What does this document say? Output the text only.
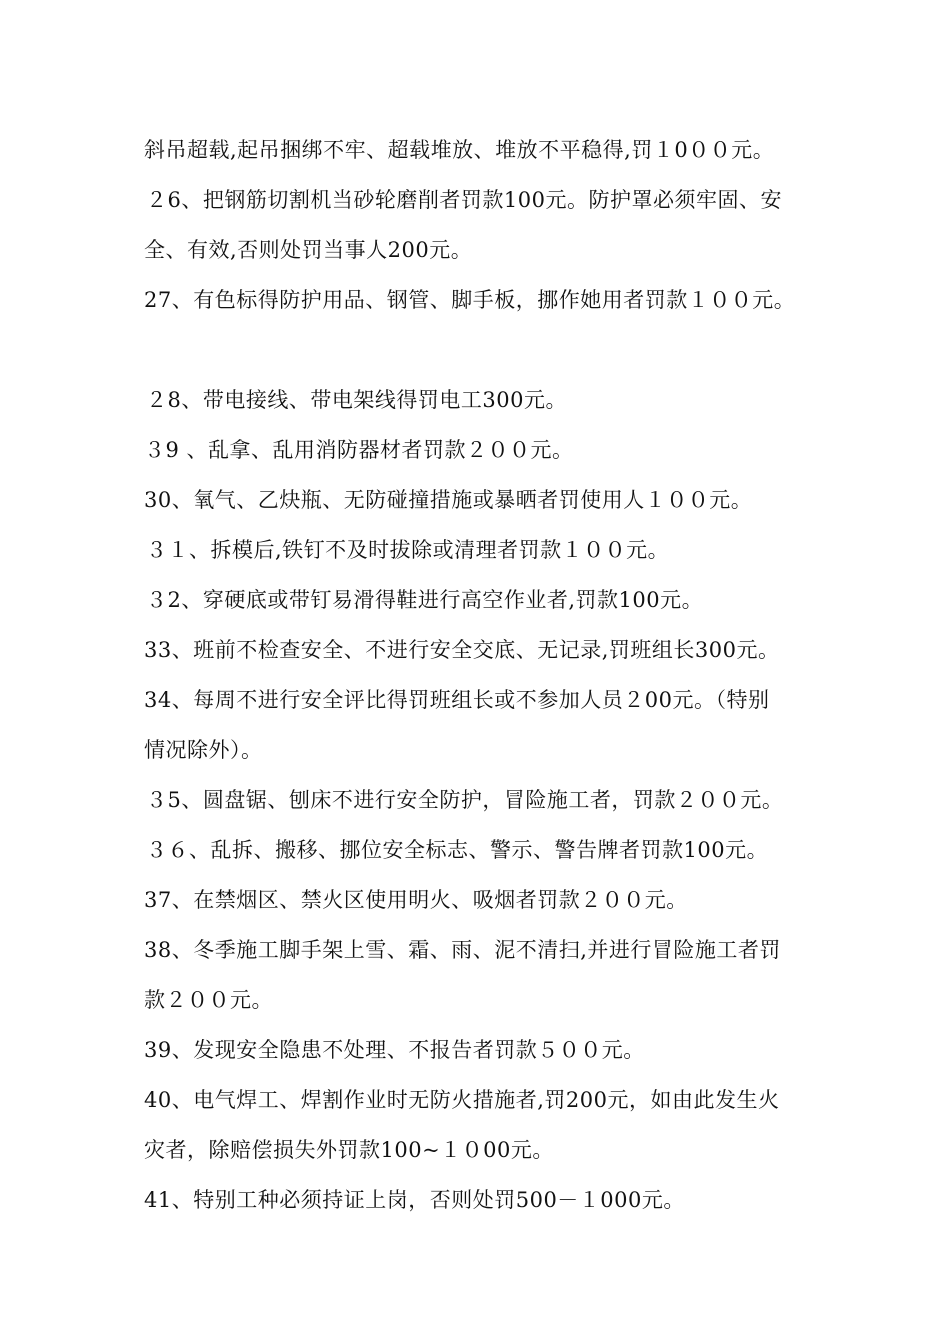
斜吊超载,起吊捆绑不牢、超载堆放、堆放不平稳得,罚１0００元。
２6、把钢筋切割机当砂轮磨削者罚款100元。防护罩必须牢固、安
全、有效,否则处罚当事人200元。
27、有色标得防护用品、钢管、脚手板，挪作她用者罚款１００元。
２8、带电接线、带电架线得罚电工300元。
３9 、乱拿、乱用消防器材者罚款２００元。
30、氧气、乙炔瓶、无防碰撞措施或暴晒者罚使用人１００元。
３１、拆模后,铁钉不及时拔除或清理者罚款１００元。
３2、穿硬底或带钉易滑得鞋进行高空作业者,罚款100元。
33、班前不检查安全、不进行安全交底、无记录,罚班组长300元。
34、每周不进行安全评比得罚班组长或不参加人员２00元。（特别
情况除外）。
３5、圆盘锯、刨床不进行安全防护，冒险施工者，罚款２００元。
３６、乱拆、搬移、挪位安全标志、警示、警告牌者罚款100元。
37、在禁烟区、禁火区使用明火、吸烟者罚款２００元。
38、冬季施工脚手架上雪、霜、雨、泥不清扫,并进行冒险施工者罚
款２００元。
39、发现安全隐患不处理、不报告者罚款５００元。
40、电气焊工、焊割作业时无防火措施者,罚200元，如由此发生火
灾者，除赔偿损失外罚款100~１０00元。
41、特别工种必须持证上岗，否则处罚500－１000元。
